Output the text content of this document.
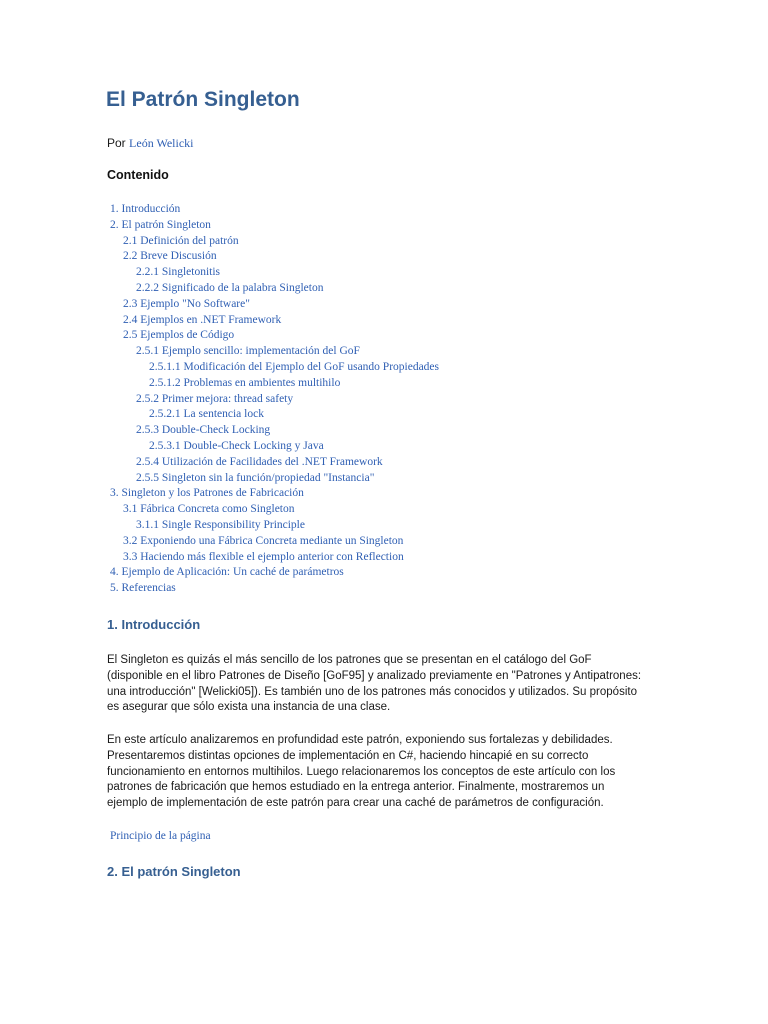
El Patrón Singleton

Por León Welicki

Contenido
1. Introducción
2. El patrón Singleton
2.1 Definición del patrón
2.2 Breve Discusión
2.2.1 Singletonitis
2.2.2 Significado de la palabra Singleton
2.3 Ejemplo "No Software"
2.4 Ejemplos en .NET Framework
2.5 Ejemplos de Código
2.5.1 Ejemplo sencillo: implementación del GoF
2.5.1.1 Modificación del Ejemplo del GoF usando Propiedades
2.5.1.2 Problemas en ambientes multihilo
2.5.2 Primer mejora: thread safety
2.5.2.1 La sentencia lock
2.5.3 Double-Check Locking
2.5.3.1 Double-Check Locking y Java
2.5.4 Utilización de Facilidades del .NET Framework
2.5.5 Singleton sin la función/propiedad "Instancia"
3. Singleton y los Patrones de Fabricación
3.1 Fábrica Concreta como Singleton
3.1.1 Single Responsibility Principle
3.2 Exponiendo una Fábrica Concreta mediante un Singleton
3.3 Haciendo más flexible el ejemplo anterior con Reflection
4. Ejemplo de Aplicación: Un caché de parámetros
5. Referencias
1. Introducción

El Singleton es quizás el más sencillo de los patrones que se presentan en el catálogo del GoF (disponible en el libro Patrones de Diseño [GoF95] y analizado previamente en "Patrones y Antipatrones: una introducción" [Welicki05]). Es también uno de los patrones más conocidos y utilizados. Su propósito es asegurar que sólo exista una instancia de una clase.

En este artículo analizaremos en profundidad este patrón, exponiendo sus fortalezas y debilidades. Presentaremos distintas opciones de implementación en C#, haciendo hincapié en su correcto funcionamiento en entornos multihilos. Luego relacionaremos los conceptos de este artículo con los patrones de fabricación que hemos estudiado en la entrega anterior. Finalmente, mostraremos un ejemplo de implementación de este patrón para crear una caché de parámetros de configuración.

Principio de la página
2. El patrón Singleton
